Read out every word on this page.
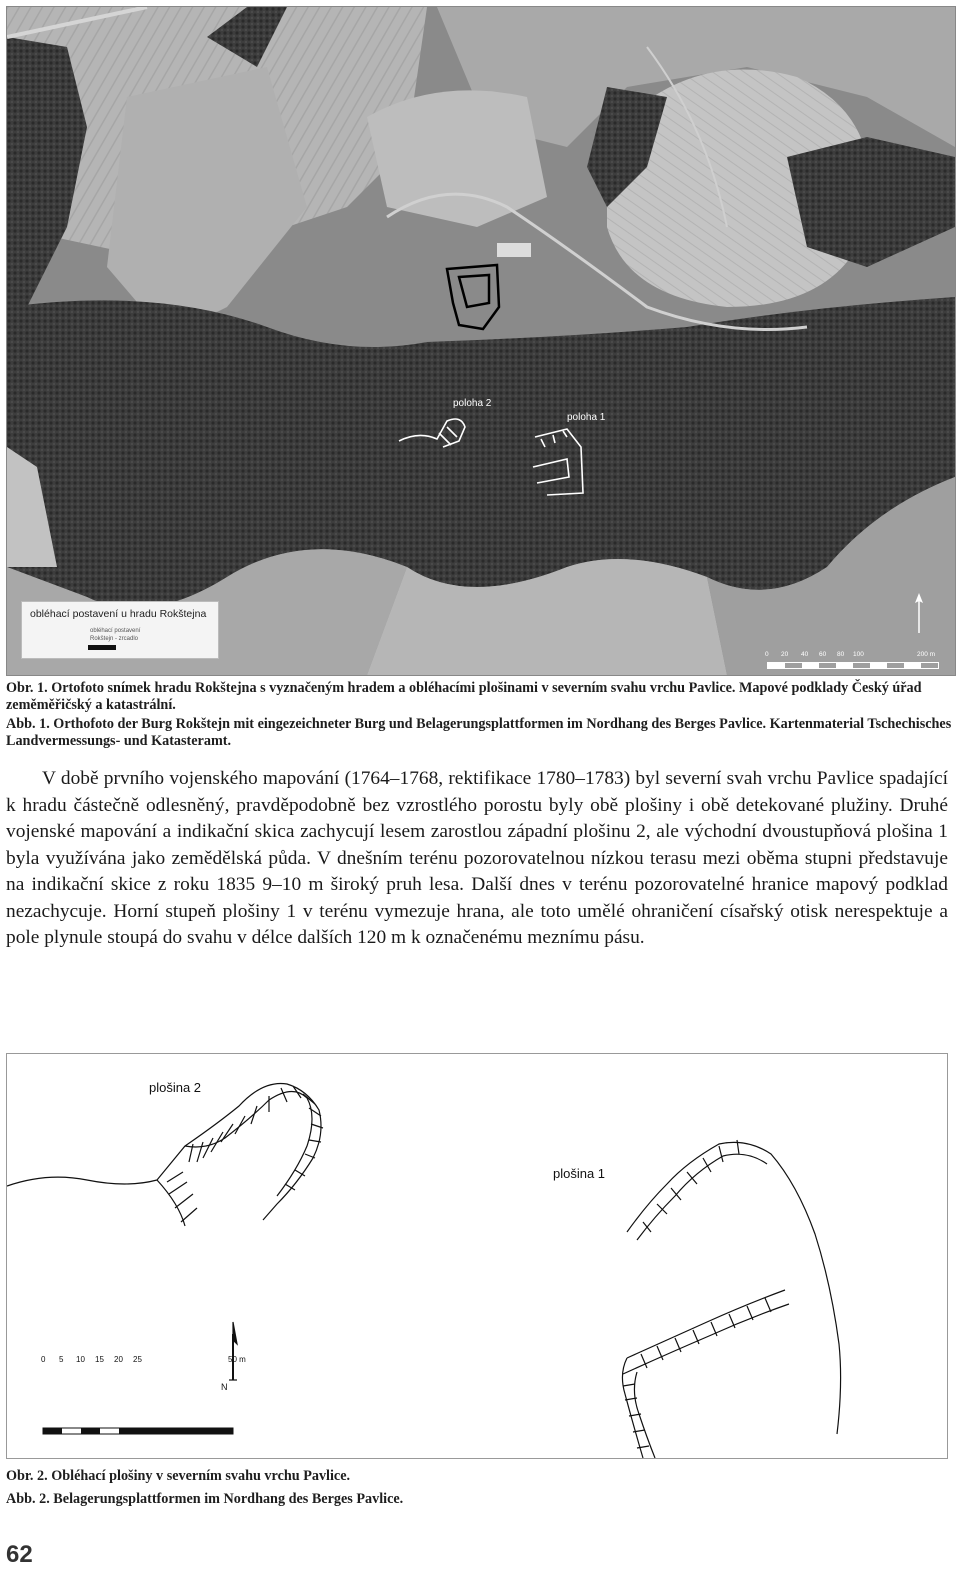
obléhací postavení u hradu Rokštejna
obléhací postavení
Rokštejn - zrcadlo
poloha 2
poloha 1
0 20 40 60 80 100	200 m
Obr. 1. Ortofoto snímek hradu Rokštejna s vyznačeným hradem a obléhacími plošinami v severním svahu vrchu Pavlice. Mapové podklady Český úřad zeměměřičský a katastrální.
Abb. 1. Orthofoto der Burg Rokštejn mit eingezeichneter Burg und Belagerungsplattformen im Nordhang des Berges Pavlice. Kartenmaterial Tschechisches Landvermessungs- und Katasteramt.
V době prvního vojenského mapování (1764–1768, rektifikace 1780–1783) byl severní svah vrchu Pavlice spadající k hradu částečně odlesněný, pravděpodobně bez vzrostlého porostu byly obě plošiny i obě detekované plužiny. Druhé vojenské mapování a indikační skica zachycují lesem zarostlou západní plošinu 2, ale východní dvoustupňová plošina 1 byla využívána jako zemědělská půda. V dnešním terénu pozorovatelnou nízkou terasu mezi oběma stupni představuje na indikační skice z roku 1835 9–10 m široký pruh lesa. Další dnes v terénu pozorovatelné hranice mapový podklad nezachycuje. Horní stupeň plošiny 1 v terénu vymezuje hrana, ale toto umělé ohraničení císařský otisk nerespektuje a pole plynule stoupá do svahu v délce dalších 120 m k označenému meznímu pásu.
plošina 2
plošina 1
N
0 5 10 15 20 25	50 m
Obr. 2. Obléhací plošiny v severním svahu vrchu Pavlice.
Abb. 2. Belagerungsplattformen im Nordhang des Berges Pavlice.
62
